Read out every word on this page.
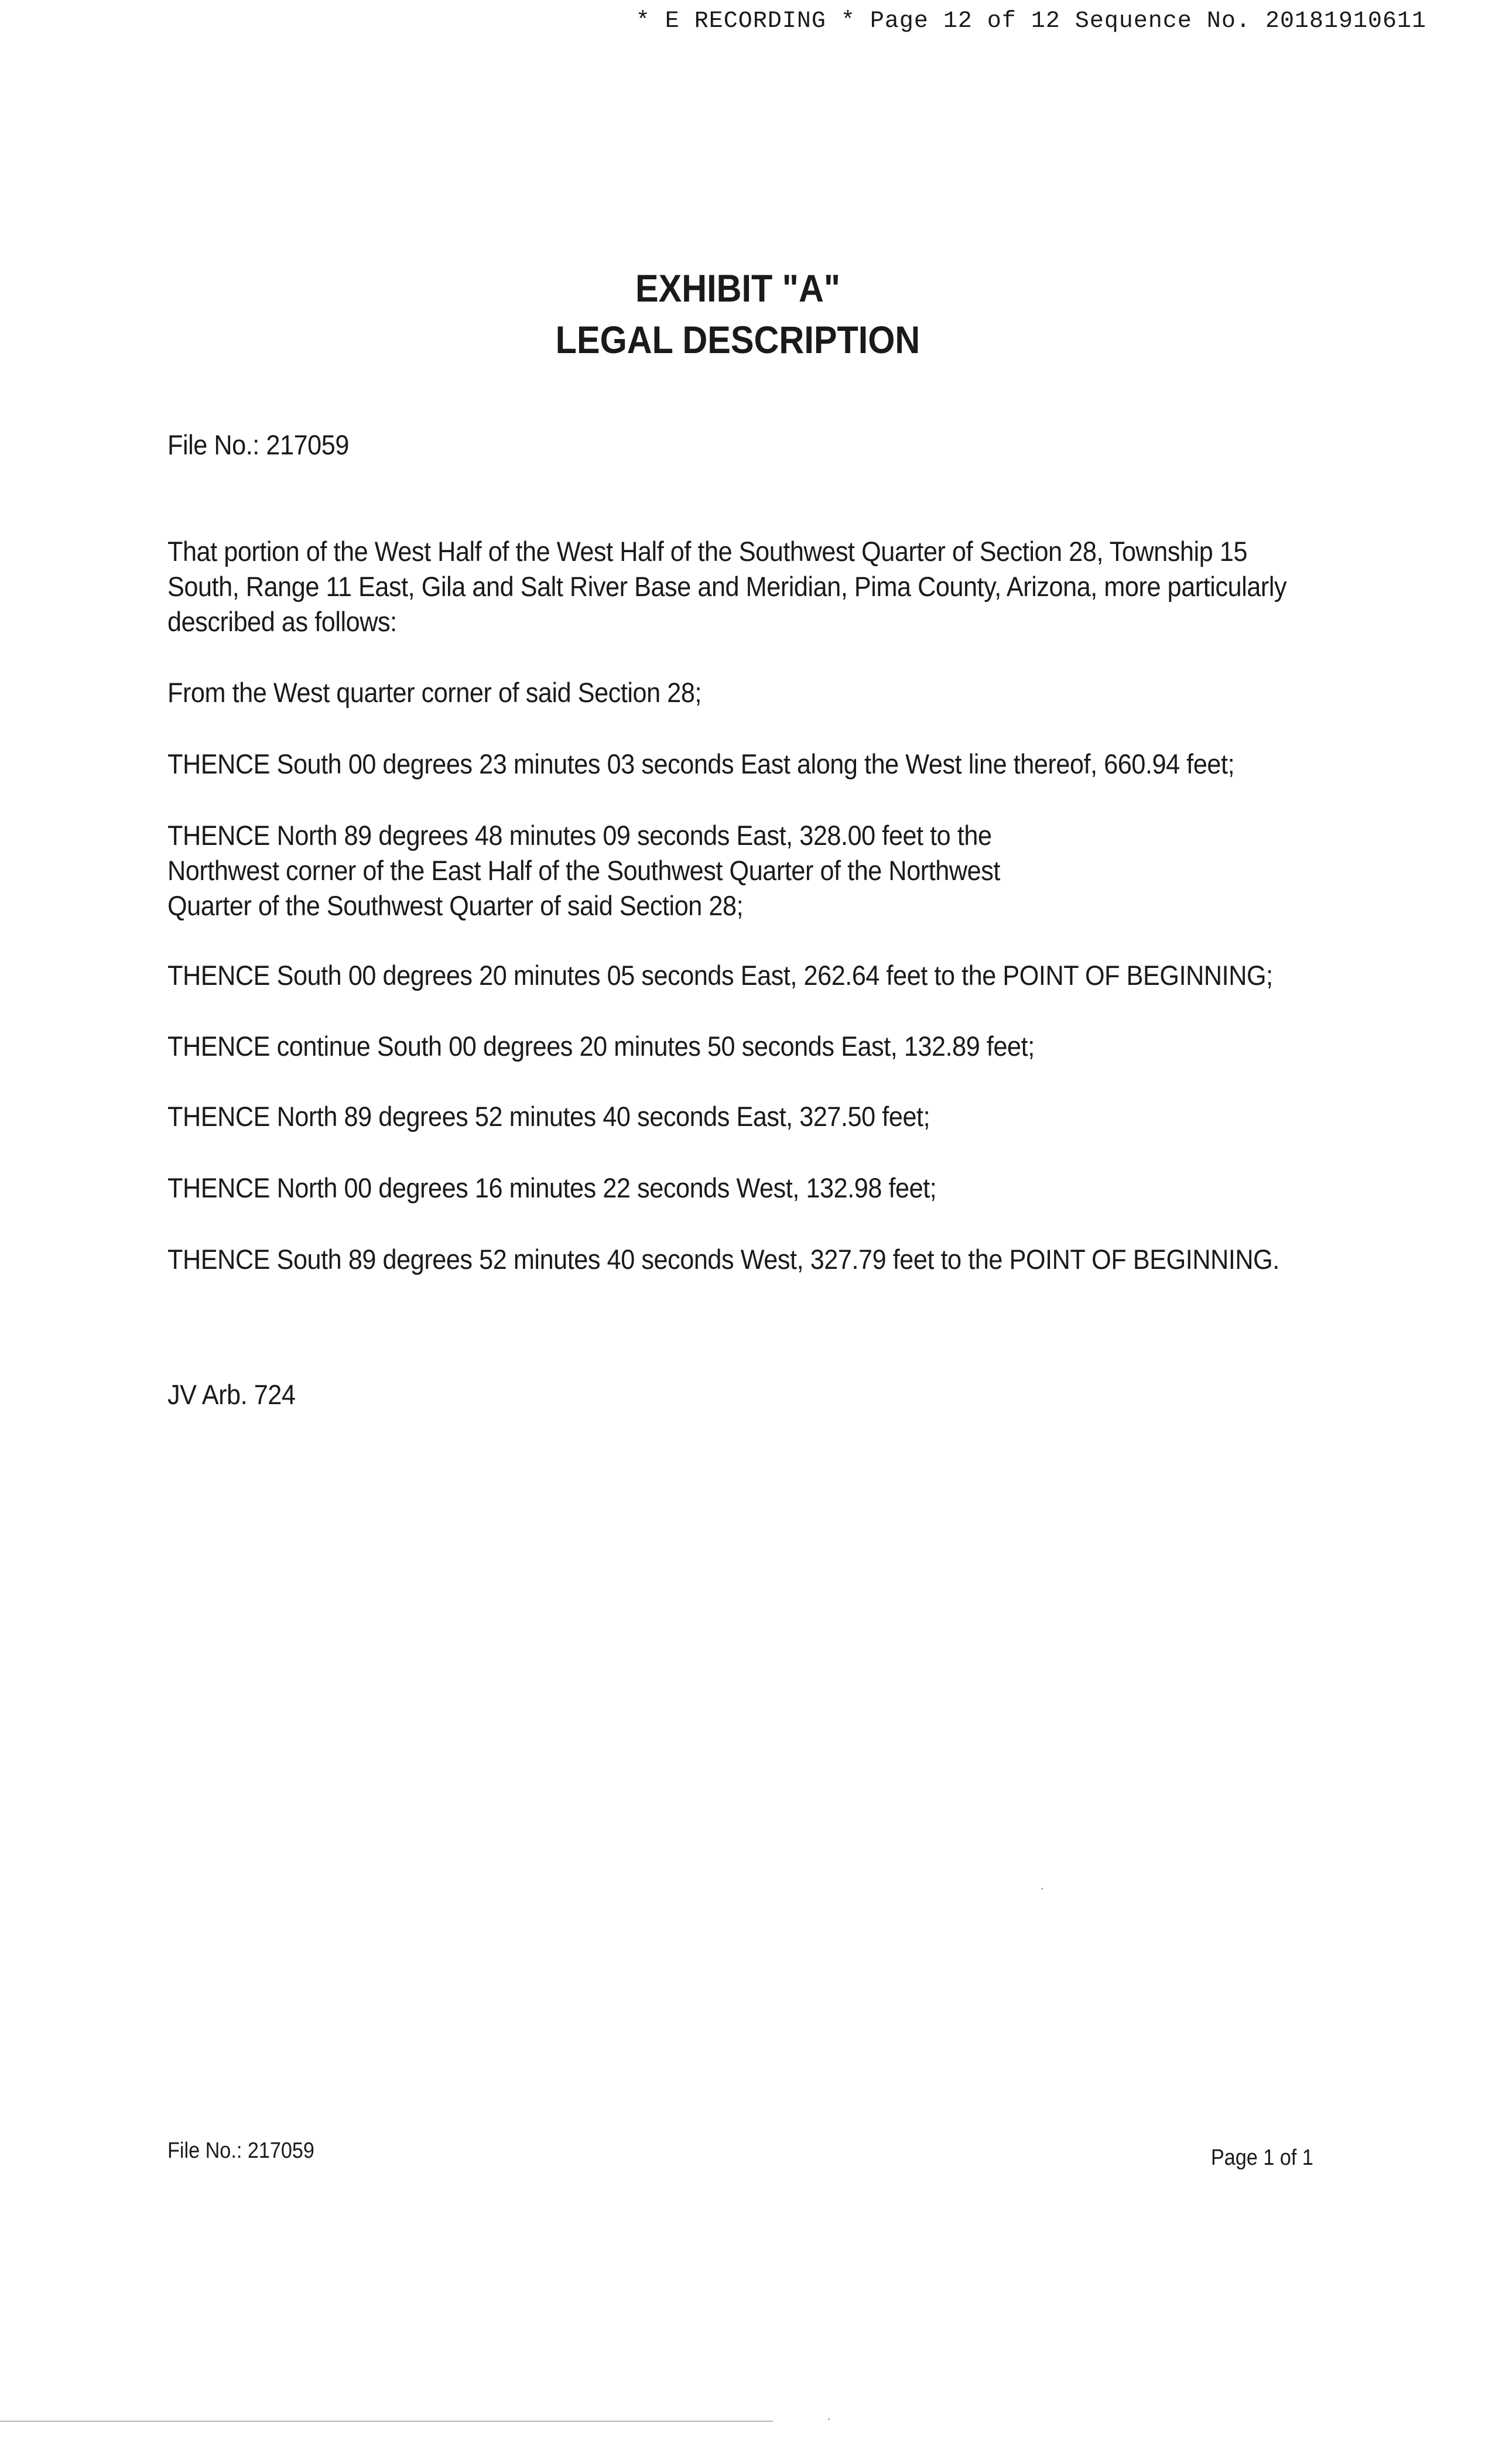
* E RECORDING * Page 12 of 12 Sequence No. 20181910611
EXHIBIT "A"
LEGAL DESCRIPTION
File No.: 217059
That portion of the West Half of the West Half of the Southwest Quarter of Section 28, Township 15
South, Range 11 East, Gila and Salt River Base and Meridian, Pima County, Arizona, more particularly
described as follows:
From the West quarter corner of said Section 28;
THENCE South 00 degrees 23 minutes 03 seconds East along the West line thereof, 660.94 feet;
THENCE North 89 degrees 48 minutes 09 seconds East, 328.00 feet to the
Northwest corner of the East Half of the Southwest Quarter of the Northwest
Quarter of the Southwest Quarter of said Section 28;
THENCE South 00 degrees 20 minutes 05 seconds East, 262.64 feet to the POINT OF BEGINNING;
THENCE continue South 00 degrees 20 minutes 50 seconds East, 132.89 feet;
THENCE North 89 degrees 52 minutes 40 seconds East, 327.50 feet;
THENCE North 00 degrees 16 minutes 22 seconds West, 132.98 feet;
THENCE South 89 degrees 52 minutes 40 seconds West, 327.79 feet to the POINT OF BEGINNING.
JV Arb. 724
File No.: 217059	Page 1 of 1
